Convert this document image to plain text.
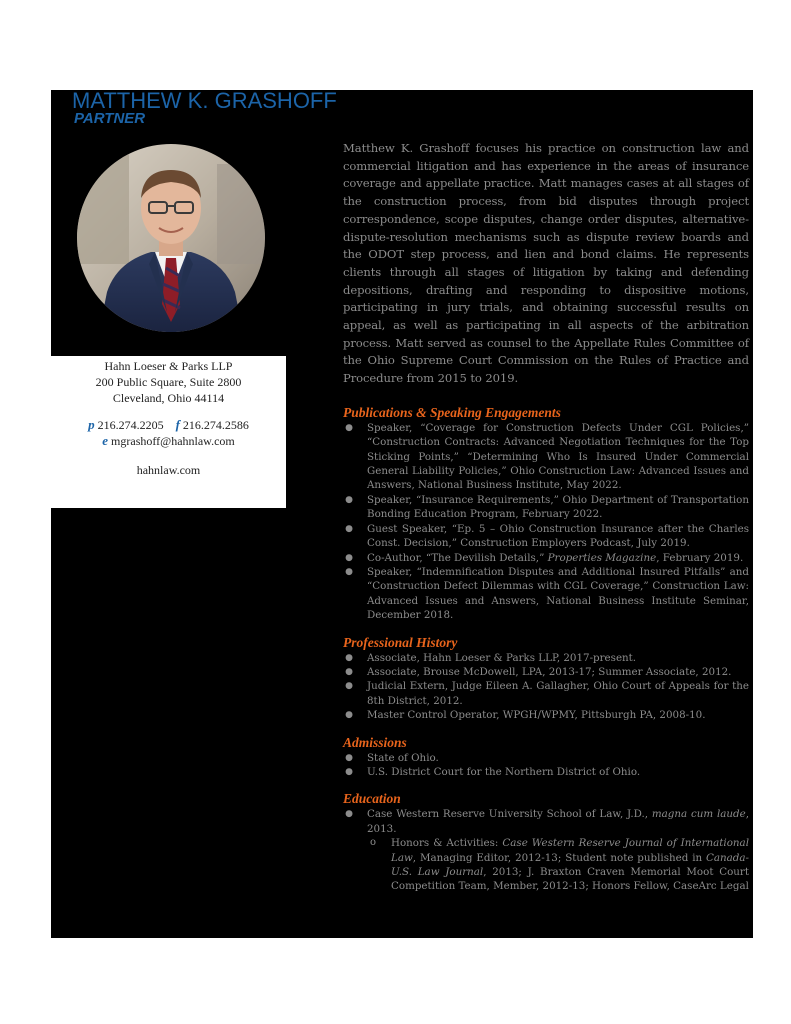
MATTHEW K. GRASHOFF
PARTNER
Hahn Loeser & Parks LLP
200 Public Square, Suite 2800
Cleveland, Ohio 44114
p 216.274.2205 f 216.274.2586
e mgrashoff@hahnlaw.com
hahnlaw.com

Matthew K. Grashoff focuses his practice on construction law and commercial litigation and has experience in the areas of insurance coverage and appellate practice. Matt manages cases at all stages of the construction process, from bid disputes through project correspondence, scope disputes, change order disputes, alternative-dispute-resolution mechanisms such as dispute review boards and the ODOT step process, and lien and bond claims. He represents clients through all stages of litigation by taking and defending depositions, drafting and responding to dispositive motions, participating in jury trials, and obtaining successful results on appeal, as well as participating in all aspects of the arbitration process. Matt served as counsel to the Appellate Rules Committee of the Ohio Supreme Court Commission on the Rules of Practice and Procedure from 2015 to 2019.

Publications & Speaking Engagements
● Speaker, “Coverage for Construction Defects Under CGL Policies,” “Construction Contracts: Advanced Negotiation Techniques for the Top Sticking Points,” “Determining Who Is Insured Under Commercial General Liability Policies,” Ohio Construction Law: Advanced Issues and Answers, National Business Institute, May 2022.
● Speaker, “Insurance Requirements,” Ohio Department of Transportation Bonding Education Program, February 2022.
● Guest Speaker, “Ep. 5 – Ohio Construction Insurance after the Charles Const. Decision,” Construction Employers Podcast, July 2019.
● Co-Author, “The Devilish Details,” Properties Magazine, February 2019.
● Speaker, “Indemnification Disputes and Additional Insured Pitfalls” and “Construction Defect Dilemmas with CGL Coverage,” Construction Law: Advanced Issues and Answers, National Business Institute Seminar, December 2018.
Professional History
● Associate, Hahn Loeser & Parks LLP, 2017-present.
● Associate, Brouse McDowell, LPA, 2013-17; Summer Associate, 2012.
● Judicial Extern, Judge Eileen A. Gallagher, Ohio Court of Appeals for the 8th District, 2012.
● Master Control Operator, WPGH/WPMY, Pittsburgh PA, 2008-10.
Admissions
● State of Ohio.
● U.S. District Court for the Northern District of Ohio.
Education
● Case Western Reserve University School of Law, J.D., magna cum laude, 2013.
o Honors & Activities: Case Western Reserve Journal of International Law, Managing Editor, 2012-13; Student note published in Canada-U.S. Law Journal, 2013; J. Braxton Craven Memorial Moot Court Competition Team, Member, 2012-13; Honors Fellow, CaseArc Legal
